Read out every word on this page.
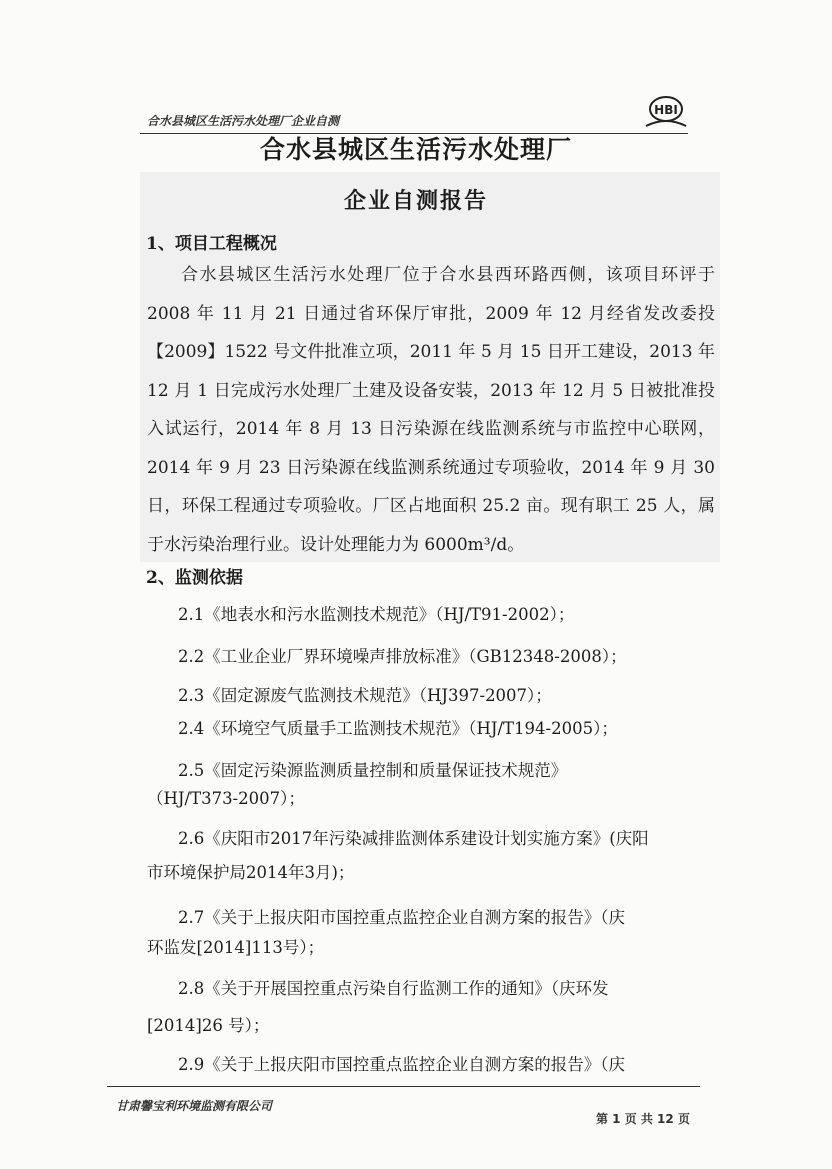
合水县城区生活污水处理厂企业自测
HBI
合水县城区生活污水处理厂
企业自测报告
1、项目工程概况
合水县城区生活污水处理厂位于合水县西环路西侧，该项目环评于 2008 年 11 月 21 日通过省环保厅审批，2009 年 12 月经省发改委投【2009】1522 号文件批准立项，2011 年 5 月 15 日开工建设，2013 年 12 月 1 日完成污水处理厂土建及设备安装，2013 年 12 月 5 日被批准投入试运行，2014 年 8 月 13 日污染源在线监测系统与市监控中心联网，2014 年 9 月 23 日污染源在线监测系统通过专项验收，2014 年 9 月 30 日，环保工程通过专项验收。厂区占地面积 25.2 亩。现有职工 25 人，属于水污染治理行业。设计处理能力为 6000m³/d。
2、监测依据
2.1《地表水和污水监测技术规范》（HJ/T91-2002）；
2.2《工业企业厂界环境噪声排放标准》（GB12348-2008）；
2.3《固定源废气监测技术规范》（HJ397-2007）；
2.4《环境空气质量手工监测技术规范》（HJ/T194-2005）；
2.5《固定污染源监测质量控制和质量保证技术规范》
（HJ/T373-2007）；
2.6《庆阳市2017年污染减排监测体系建设计划实施方案》(庆阳
市环境保护局2014年3月)；
2.7《关于上报庆阳市国控重点监控企业自测方案的报告》（庆
环监发[2014]113号）；
2.8《关于开展国控重点污染自行监测工作的通知》（庆环发
[2014]26 号）；
2.9《关于上报庆阳市国控重点监控企业自测方案的报告》（庆
甘肃馨宝利环境监测有限公司
第 1 页 共 12 页
